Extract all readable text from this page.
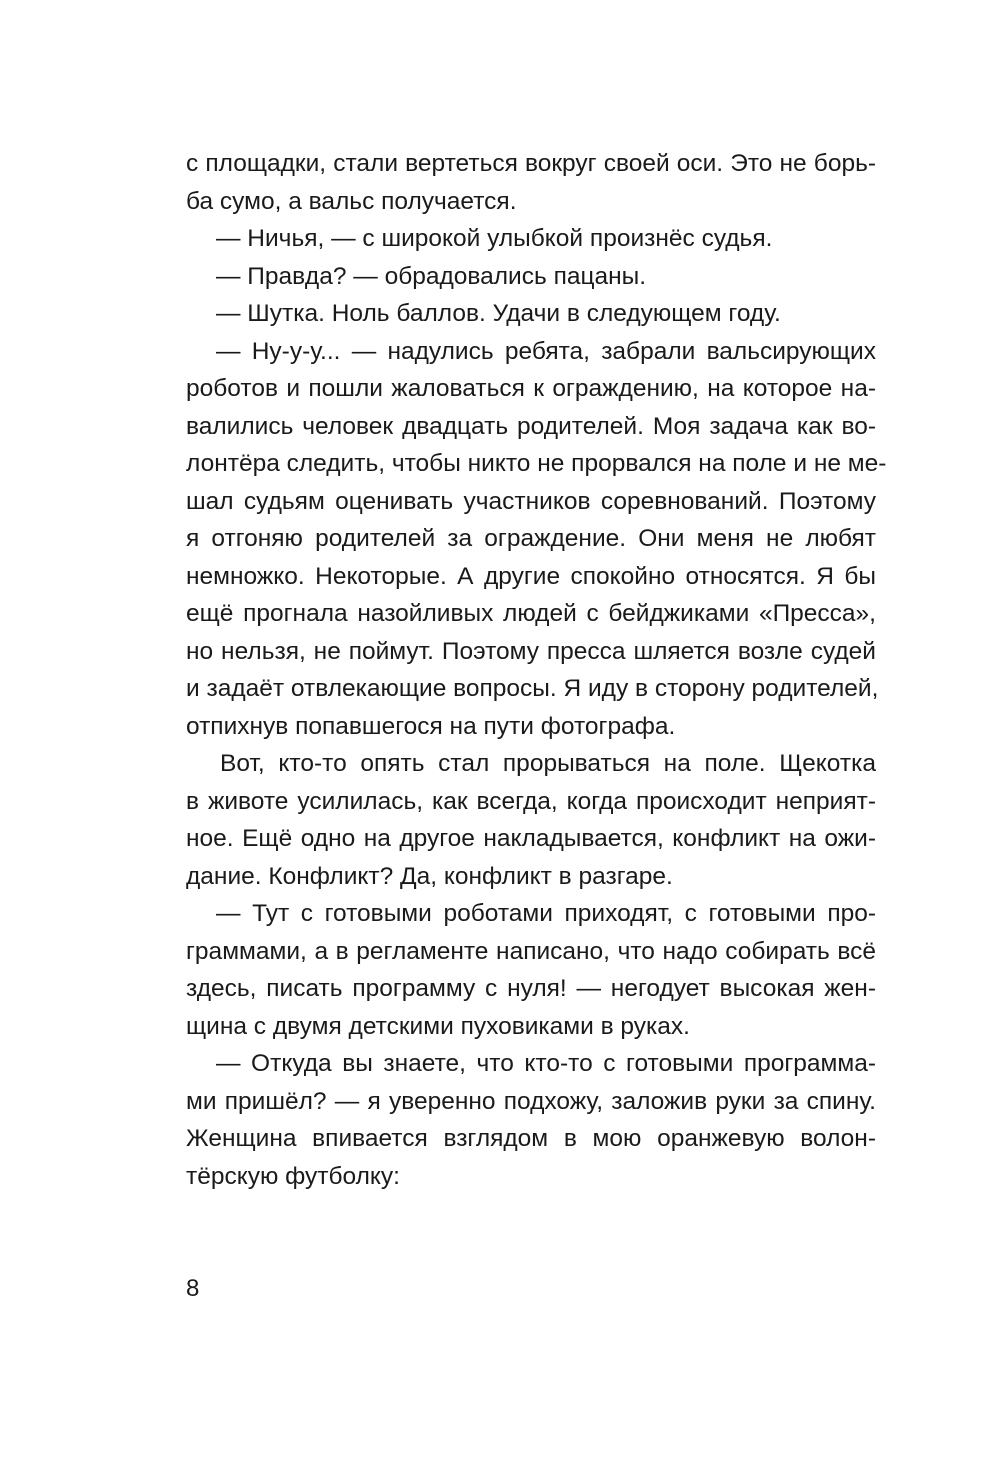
с площадки, стали вертеться вокруг своей оси. Это не борь-
ба сумо, а вальс получается.
— Ничья, — с широкой улыбкой произнёс судья.
— Правда? — обрадовались пацаны.
— Шутка. Ноль баллов. Удачи в следующем году.
— Ну-у-у... — надулись ребята, забрали вальсирующих
роботов и пошли жаловаться к ограждению, на которое на-
валились человек двадцать родителей. Моя задача как во-
лонтёра следить, чтобы никто не прорвался на поле и не ме-
шал судьям оценивать участников соревнований. Поэтому
я отгоняю родителей за ограждение. Они меня не любят
немножко. Некоторые. А другие спокойно относятся. Я бы
ещё прогнала назойливых людей с бейджиками «Пресса»,
но нельзя, не поймут. Поэтому пресса шляется возле судей
и задаёт отвлекающие вопросы. Я иду в сторону родителей,
отпихнув попавшегося на пути фотографа.
Вот, кто-то опять стал прорываться на поле. Щекотка
в животе усилилась, как всегда, когда происходит неприят-
ное. Ещё одно на другое накладывается, конфликт на ожи-
дание. Конфликт? Да, конфликт в разгаре.
— Тут с готовыми роботами приходят, с готовыми про-
граммами, а в регламенте написано, что надо собирать всё
здесь, писать программу с нуля! — негодует высокая жен-
щина с двумя детскими пуховиками в руках.
— Откуда вы знаете, что кто-то с готовыми программа-
ми пришёл? — я уверенно подхожу, заложив руки за спину.
Женщина впивается взглядом в мою оранжевую волон-
тёрскую футболку:
8
